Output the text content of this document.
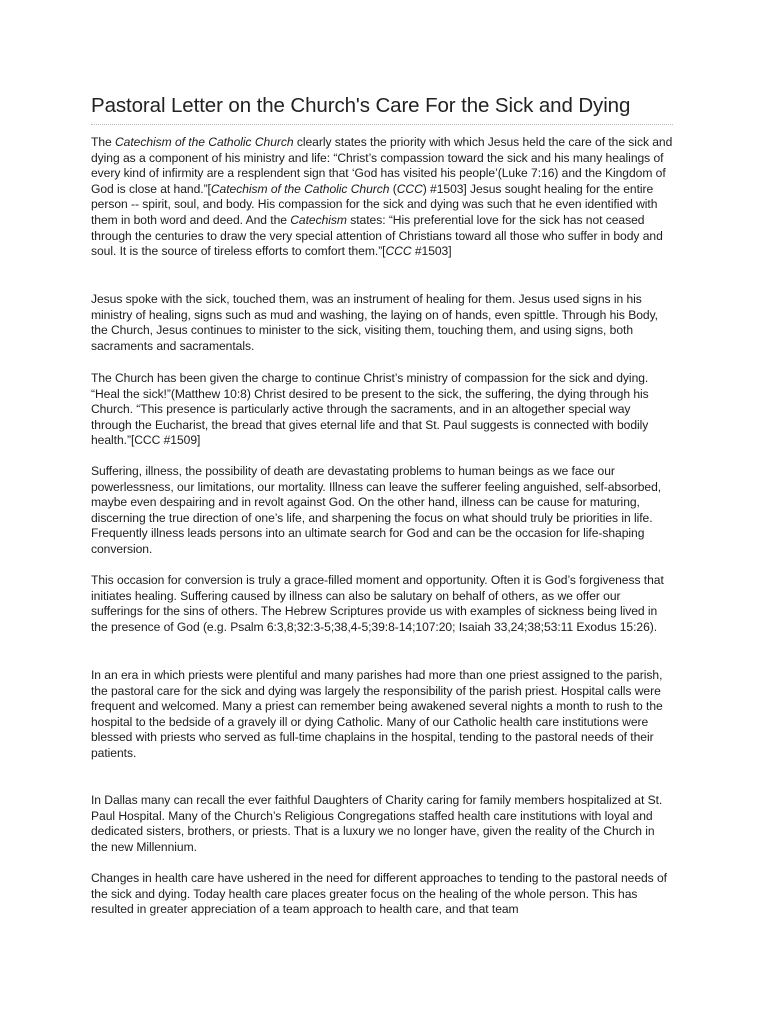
Pastoral Letter on the Church's Care For the Sick and Dying

The Catechism of the Catholic Church clearly states the priority with which Jesus held the care of the sick and dying as a component of his ministry and life: “Christ’s compassion toward the sick and his many healings of every kind of infirmity are a resplendent sign that ‘God has visited his people’(Luke 7:16) and the Kingdom of God is close at hand.”[Catechism of the Catholic Church (CCC) #1503] Jesus sought healing for the entire person -- spirit, soul, and body. His compassion for the sick and dying was such that he even identified with them in both word and deed. And the Catechism states: “His preferential love for the sick has not ceased through the centuries to draw the very special attention of Christians toward all those who suffer in body and soul. It is the source of tireless efforts to comfort them.”[CCC #1503]

Jesus spoke with the sick, touched them, was an instrument of healing for them. Jesus used signs in his ministry of healing, signs such as mud and washing, the laying on of hands, even spittle. Through his Body, the Church, Jesus continues to minister to the sick, visiting them, touching them, and using signs, both sacraments and sacramentals.

The Church has been given the charge to continue Christ’s ministry of compassion for the sick and dying. “Heal the sick!”(Matthew 10:8) Christ desired to be present to the sick, the suffering, the dying through his Church. “This presence is particularly active through the sacraments, and in an altogether special way through the Eucharist, the bread that gives eternal life and that St. Paul suggests is connected with bodily health.”[CCC #1509]

Suffering, illness, the possibility of death are devastating problems to human beings as we face our powerlessness, our limitations, our mortality. Illness can leave the sufferer feeling anguished, self-absorbed, maybe even despairing and in revolt against God. On the other hand, illness can be cause for maturing, discerning the true direction of one’s life, and sharpening the focus on what should truly be priorities in life. Frequently illness leads persons into an ultimate search for God and can be the occasion for life-shaping conversion.

This occasion for conversion is truly a grace-filled moment and opportunity. Often it is God’s forgiveness that initiates healing. Suffering caused by illness can also be salutary on behalf of others, as we offer our sufferings for the sins of others. The Hebrew Scriptures provide us with examples of sickness being lived in the presence of God (e.g. Psalm 6:3,8;32:3-5;38,4-5;39:8-14;107:20; Isaiah 33,24;38;53:11 Exodus 15:26).

In an era in which priests were plentiful and many parishes had more than one priest assigned to the parish, the pastoral care for the sick and dying was largely the responsibility of the parish priest. Hospital calls were frequent and welcomed. Many a priest can remember being awakened several nights a month to rush to the hospital to the bedside of a gravely ill or dying Catholic. Many of our Catholic health care institutions were blessed with priests who served as full-time chaplains in the hospital, tending to the pastoral needs of their patients.

In Dallas many can recall the ever faithful Daughters of Charity caring for family members hospitalized at St. Paul Hospital. Many of the Church’s Religious Congregations staffed health care institutions with loyal and dedicated sisters, brothers, or priests. That is a luxury we no longer have, given the reality of the Church in the new Millennium.

Changes in health care have ushered in the need for different approaches to tending to the pastoral needs of the sick and dying. Today health care places greater focus on the healing of the whole person. This has resulted in greater appreciation of a team approach to health care, and that team
